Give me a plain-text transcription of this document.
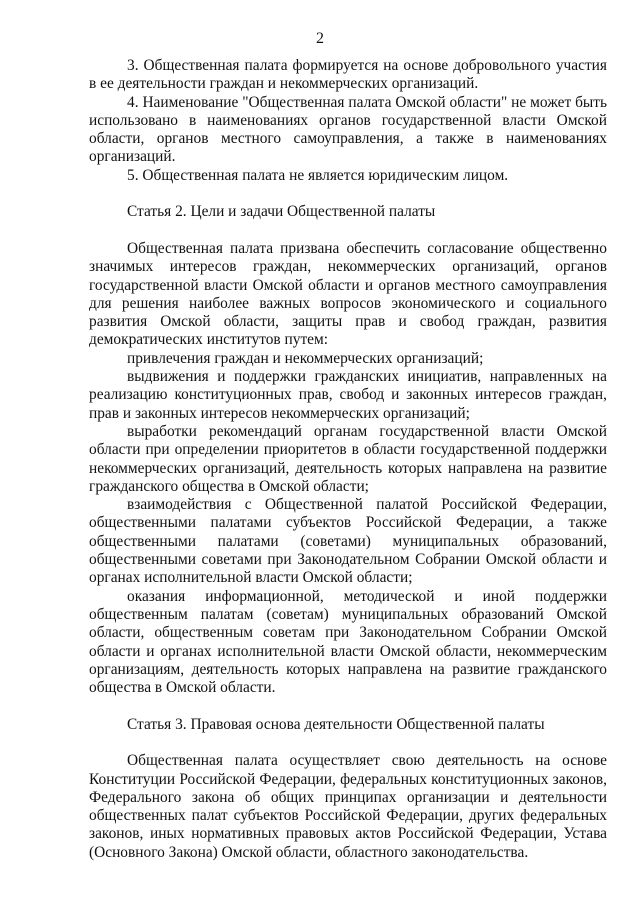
2

3. Общественная палата формируется на основе добровольного участия в ее деятельности граждан и некоммерческих организаций.

4. Наименование "Общественная палата Омской области" не может быть использовано в наименованиях органов государственной власти Омской области, органов местного самоуправления, а также в наименованиях организаций.

5. Общественная палата не является юридическим лицом.

Статья 2. Цели и задачи Общественной палаты

Общественная палата призвана обеспечить согласование общественно значимых интересов граждан, некоммерческих организаций, органов государственной власти Омской области и органов местного самоуправления для решения наиболее важных вопросов экономического и социального развития Омской области, защиты прав и свобод граждан, развития демократических институтов путем:

привлечения граждан и некоммерческих организаций;

выдвижения и поддержки гражданских инициатив, направленных на реализацию конституционных прав, свобод и законных интересов граждан, прав и законных интересов некоммерческих организаций;

выработки рекомендаций органам государственной власти Омской области при определении приоритетов в области государственной поддержки некоммерческих организаций, деятельность которых направлена на развитие гражданского общества в Омской области;

взаимодействия с Общественной палатой Российской Федерации, общественными палатами субъектов Российской Федерации, а также общественными палатами (советами) муниципальных образований, общественными советами при Законодательном Собрании Омской области и органах исполнительной власти Омской области;

оказания информационной, методической и иной поддержки общественным палатам (советам) муниципальных образований Омской области, общественным советам при Законодательном Собрании Омской области и органах исполнительной власти Омской области, некоммерческим организациям, деятельность которых направлена на развитие гражданского общества в Омской области.

Статья 3. Правовая основа деятельности Общественной палаты

Общественная палата осуществляет свою деятельность на основе Конституции Российской Федерации, федеральных конституционных законов, Федерального закона об общих принципах организации и деятельности общественных палат субъектов Российской Федерации, других федеральных законов, иных нормативных правовых актов Российской Федерации, Устава (Основного Закона) Омской области, областного законодательства.
